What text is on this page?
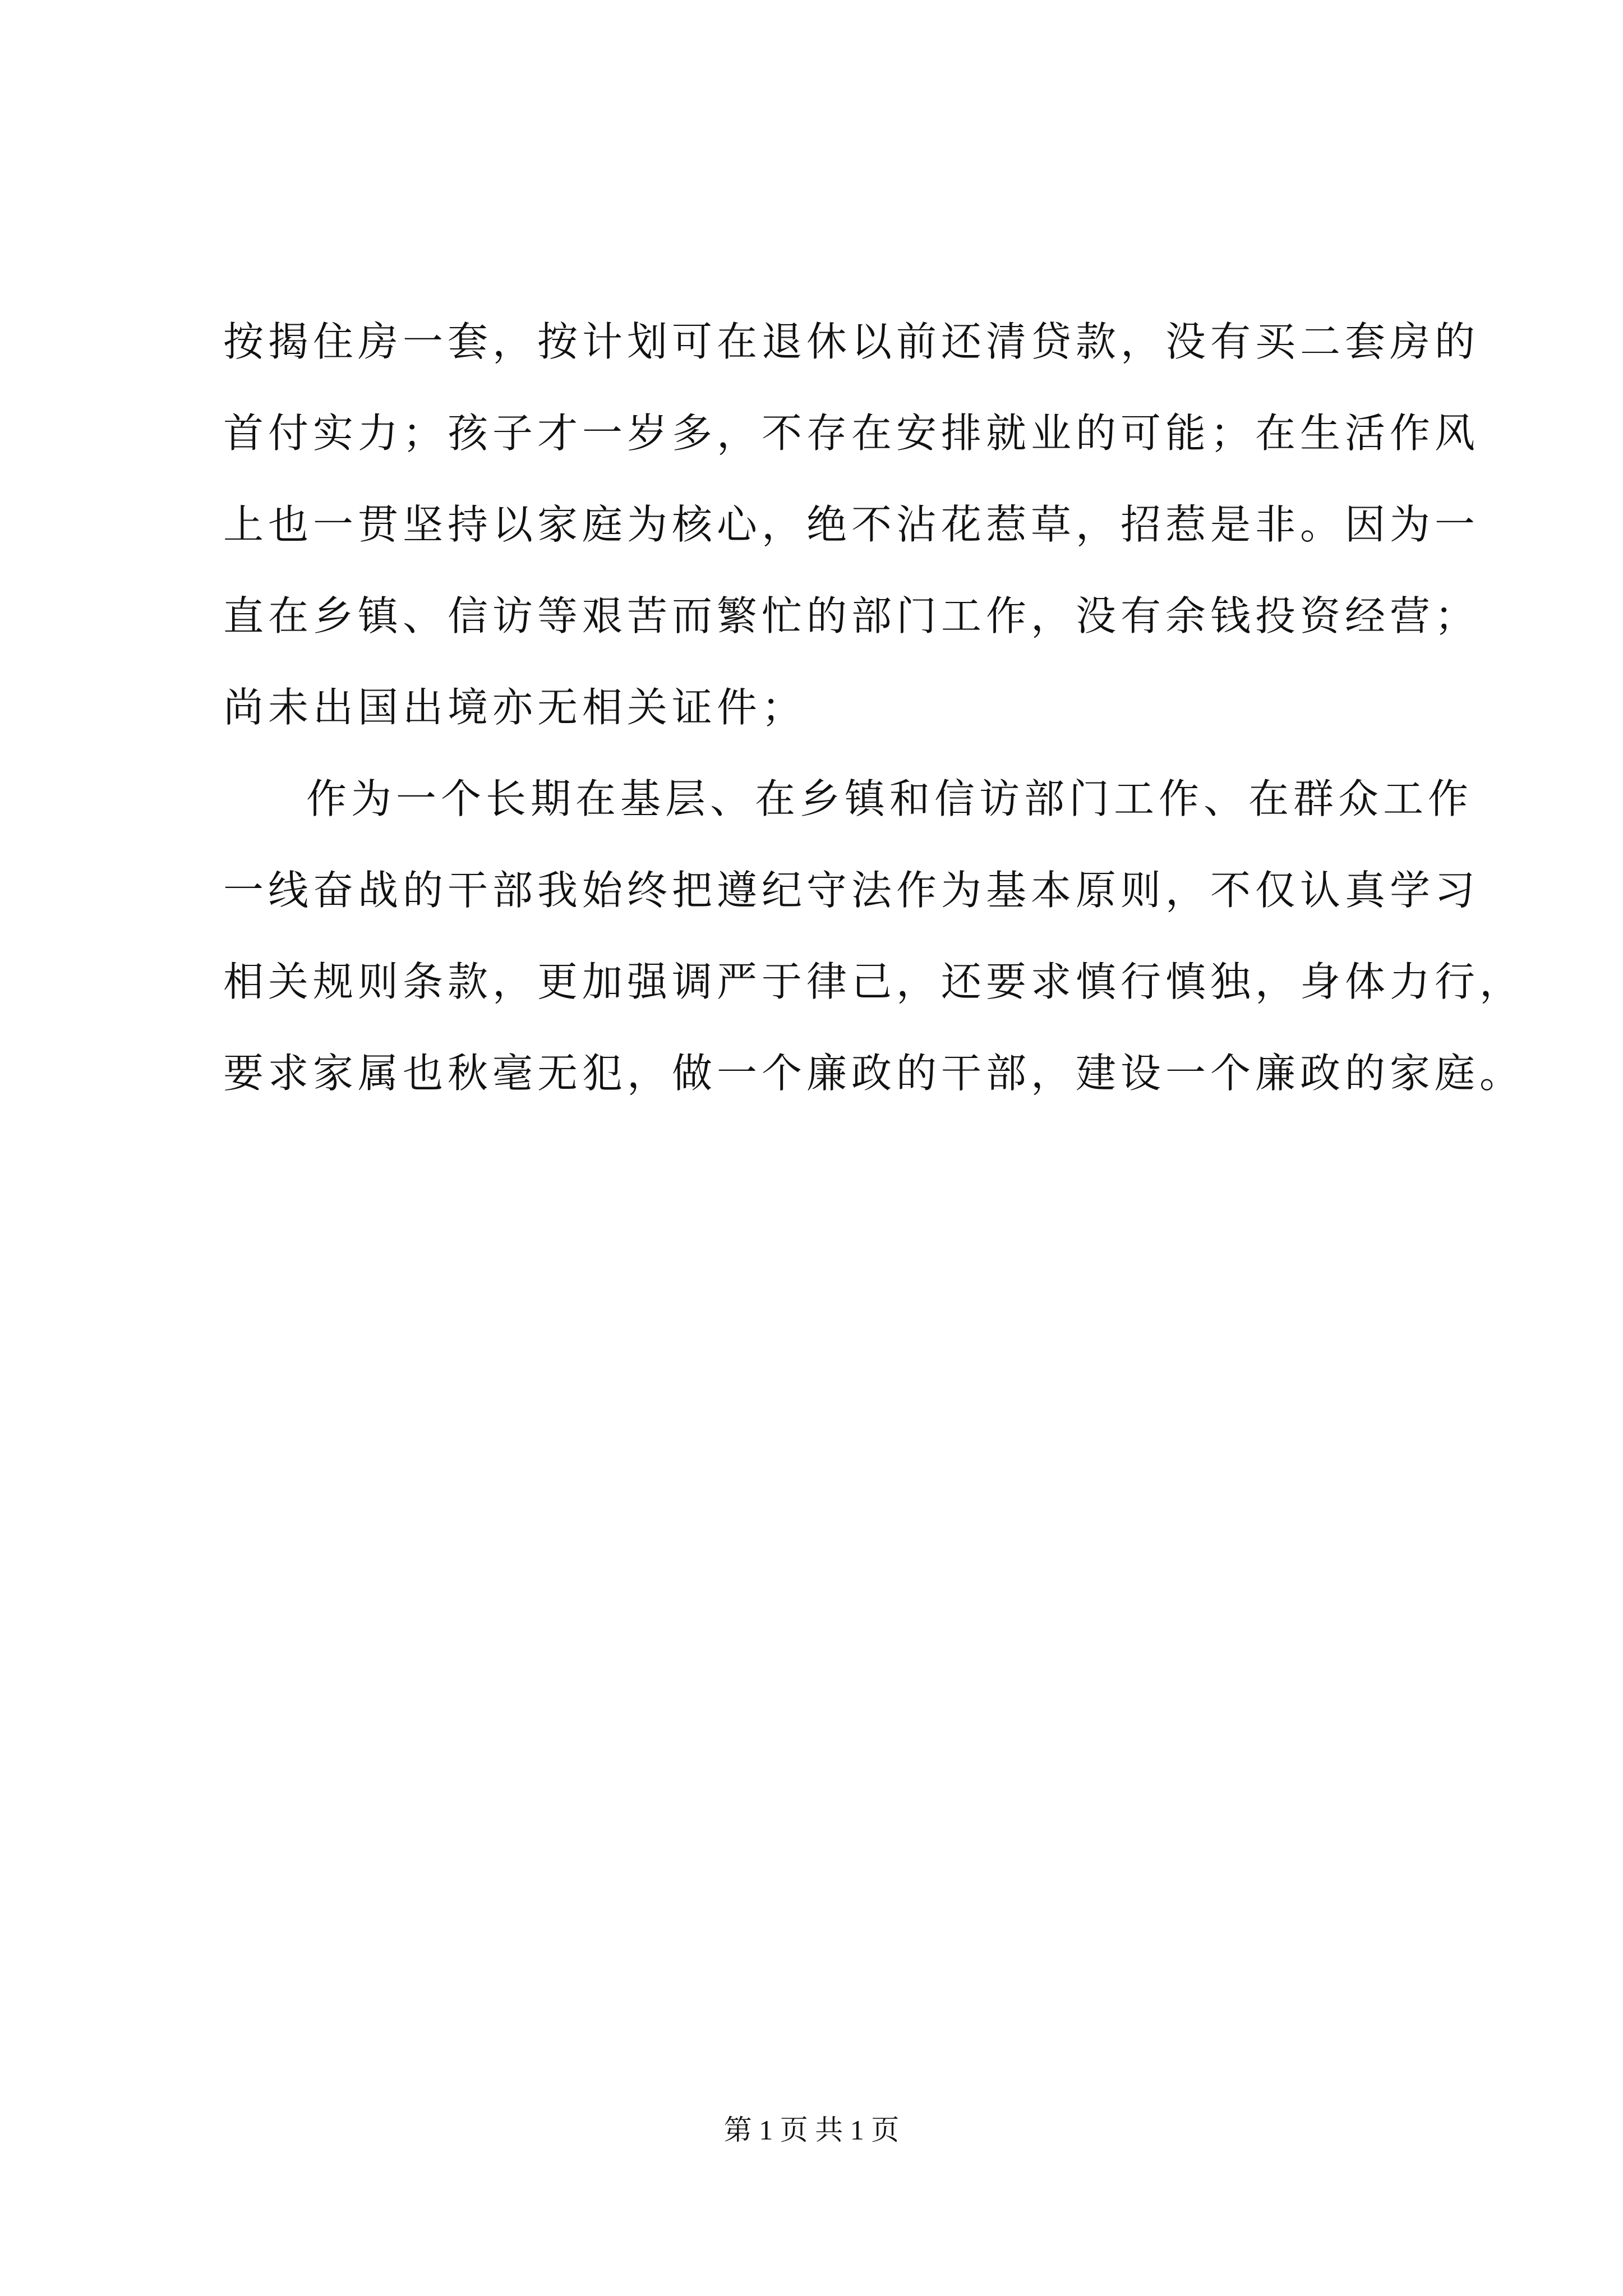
按揭住房一套，按计划可在退休以前还清贷款，没有买二套房的
首付实力；孩子才一岁多，不存在安排就业的可能；在生活作风
上也一贯坚持以家庭为核心，绝不沾花惹草，招惹是非。因为一
直在乡镇、信访等艰苦而繁忙的部门工作，没有余钱投资经营；
尚未出国出境亦无相关证件；
作为一个长期在基层、在乡镇和信访部门工作、在群众工作
一线奋战的干部我始终把遵纪守法作为基本原则，不仅认真学习
相关规则条款，更加强调严于律己，还要求慎行慎独，身体力行，
要求家属也秋毫无犯，做一个廉政的干部，建设一个廉政的家庭。
第 1 页 共 1 页
